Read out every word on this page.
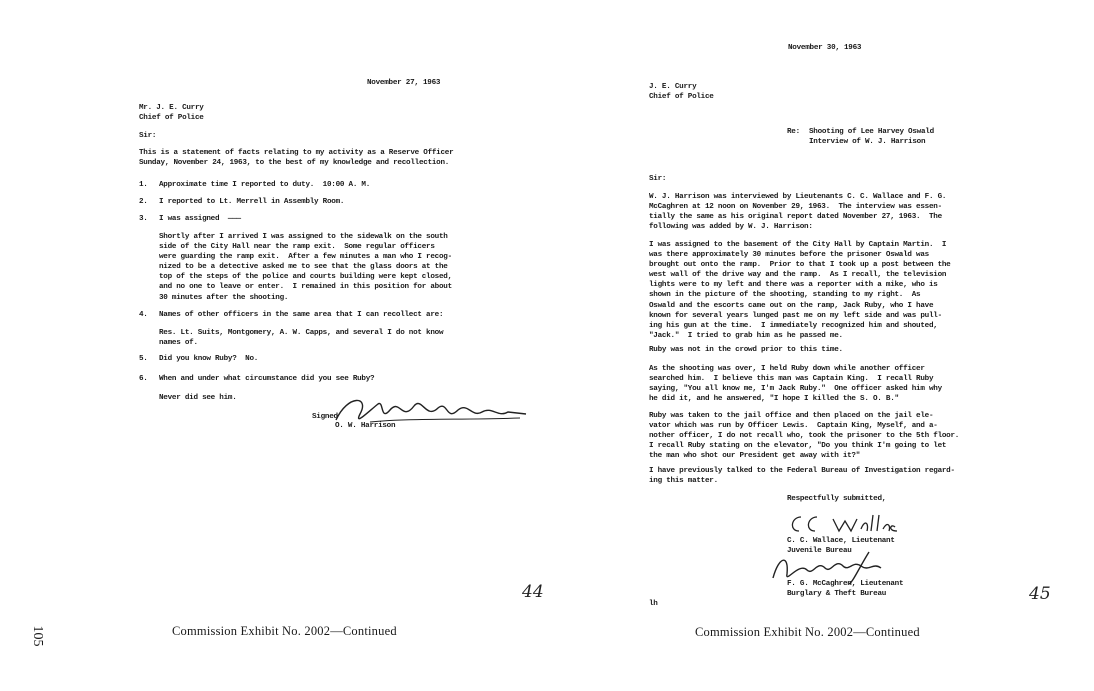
November 27, 1963
Mr. J. E. Curry
Chief of Police
Sir:
This is a statement of facts relating to my activity as a Reserve Officer
Sunday, November 24, 1963, to the best of my knowledge and recollection.
1. Approximate time I reported to duty.  10:00 A. M.
2. I reported to Lt. Merrell in Assembly Room.
3. I was assigned  ———
Shortly after I arrived I was assigned to the sidewalk on the south
side of the City Hall near the ramp exit.  Some regular officers
were guarding the ramp exit.  After a few minutes a man who I recog-
nized to be a detective asked me to see that the glass doors at the
top of the steps of the police and courts building were kept closed,
and no one to leave or enter.  I remained in this position for about
30 minutes after the shooting.
4. Names of other officers in the same area that I can recollect are:
Res. Lt. Suits, Montgomery, A. W. Capps, and several I do not know
names of.
5. Did you know Ruby?  No.
6. When and under what circumstance did you see Ruby?
Never did see him.
Signed
O. W. Harrison
44
Commission Exhibit No. 2002—Continued
105
November 30, 1963
J. E. Curry
Chief of Police
Re: Shooting of Lee Harvey Oswald
Interview of W. J. Harrison
Sir:
W. J. Harrison was interviewed by Lieutenants C. C. Wallace and F. G.
McCaghren at 12 noon on November 29, 1963.  The interview was essen-
tially the same as his original report dated November 27, 1963.  The
following was added by W. J. Harrison:
I was assigned to the basement of the City Hall by Captain Martin.  I
was there approximately 30 minutes before the prisoner Oswald was
brought out onto the ramp.  Prior to that I took up a post between the
west wall of the drive way and the ramp.  As I recall, the television
lights were to my left and there was a reporter with a mike, who is
shown in the picture of the shooting, standing to my right.  As
Oswald and the escorts came out on the ramp, Jack Ruby, who I have
known for several years lunged past me on my left side and was pull-
ing his gun at the time.  I immediately recognized him and shouted,
"Jack."  I tried to grab him as he passed me.
Ruby was not in the crowd prior to this time.
As the shooting was over, I held Ruby down while another officer
searched him.  I believe this man was Captain King.  I recall Ruby
saying, "You all know me, I'm Jack Ruby."  One officer asked him why
he did it, and he answered, "I hope I killed the S. O. B."
Ruby was taken to the jail office and then placed on the jail ele-
vator which was run by Officer Lewis.  Captain King, Myself, and a-
nother officer, I do not recall who, took the prisoner to the 5th floor.
I recall Ruby stating on the elevator, "Do you think I'm going to let
the man who shot our President get away with it?"
I have previously talked to the Federal Bureau of Investigation regard-
ing this matter.
Respectfully submitted,
C. C. Wallace, Lieutenant
Juvenile Bureau
F. G. McCaghren, Lieutenant
Burglary & Theft Bureau
lh	45
Commission Exhibit No. 2002—Continued
